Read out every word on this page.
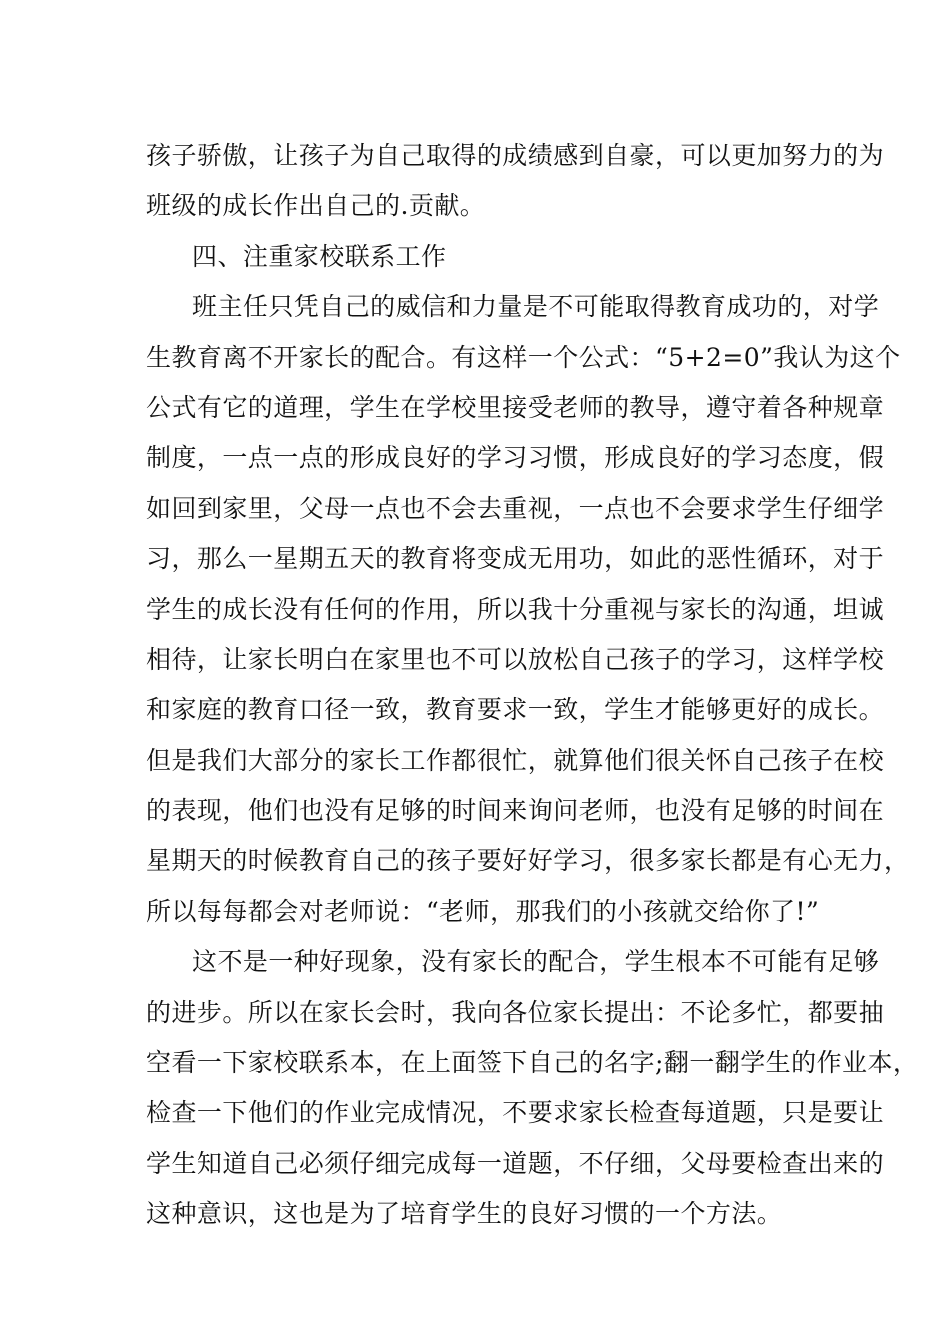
孩子骄傲，让孩子为自己取得的成绩感到自豪，可以更加努力的为
班级的成长作出自己的.贡献。
四、注重家校联系工作
班主任只凭自己的威信和力量是不可能取得教育成功的，对学
生教育离不开家长的配合。有这样一个公式：“5+2=0”我认为这个
公式有它的道理，学生在学校里接受老师的教导，遵守着各种规章
制度，一点一点的形成良好的学习习惯，形成良好的学习态度，假
如回到家里，父母一点也不会去重视，一点也不会要求学生仔细学
习，那么一星期五天的教育将变成无用功，如此的恶性循环，对于
学生的成长没有任何的作用，所以我十分重视与家长的沟通，坦诚
相待，让家长明白在家里也不可以放松自己孩子的学习，这样学校
和家庭的教育口径一致，教育要求一致，学生才能够更好的成长。
但是我们大部分的家长工作都很忙，就算他们很关怀自己孩子在校
的表现，他们也没有足够的时间来询问老师，也没有足够的时间在
星期天的时候教育自己的孩子要好好学习，很多家长都是有心无力，
所以每每都会对老师说：“老师，那我们的小孩就交给你了!”
这不是一种好现象，没有家长的配合，学生根本不可能有足够
的进步。所以在家长会时，我向各位家长提出：不论多忙，都要抽
空看一下家校联系本，在上面签下自己的名字;翻一翻学生的作业本，
检查一下他们的作业完成情况，不要求家长检查每道题，只是要让
学生知道自己必须仔细完成每一道题，不仔细，父母要检查出来的
这种意识，这也是为了培育学生的良好习惯的一个方法。
